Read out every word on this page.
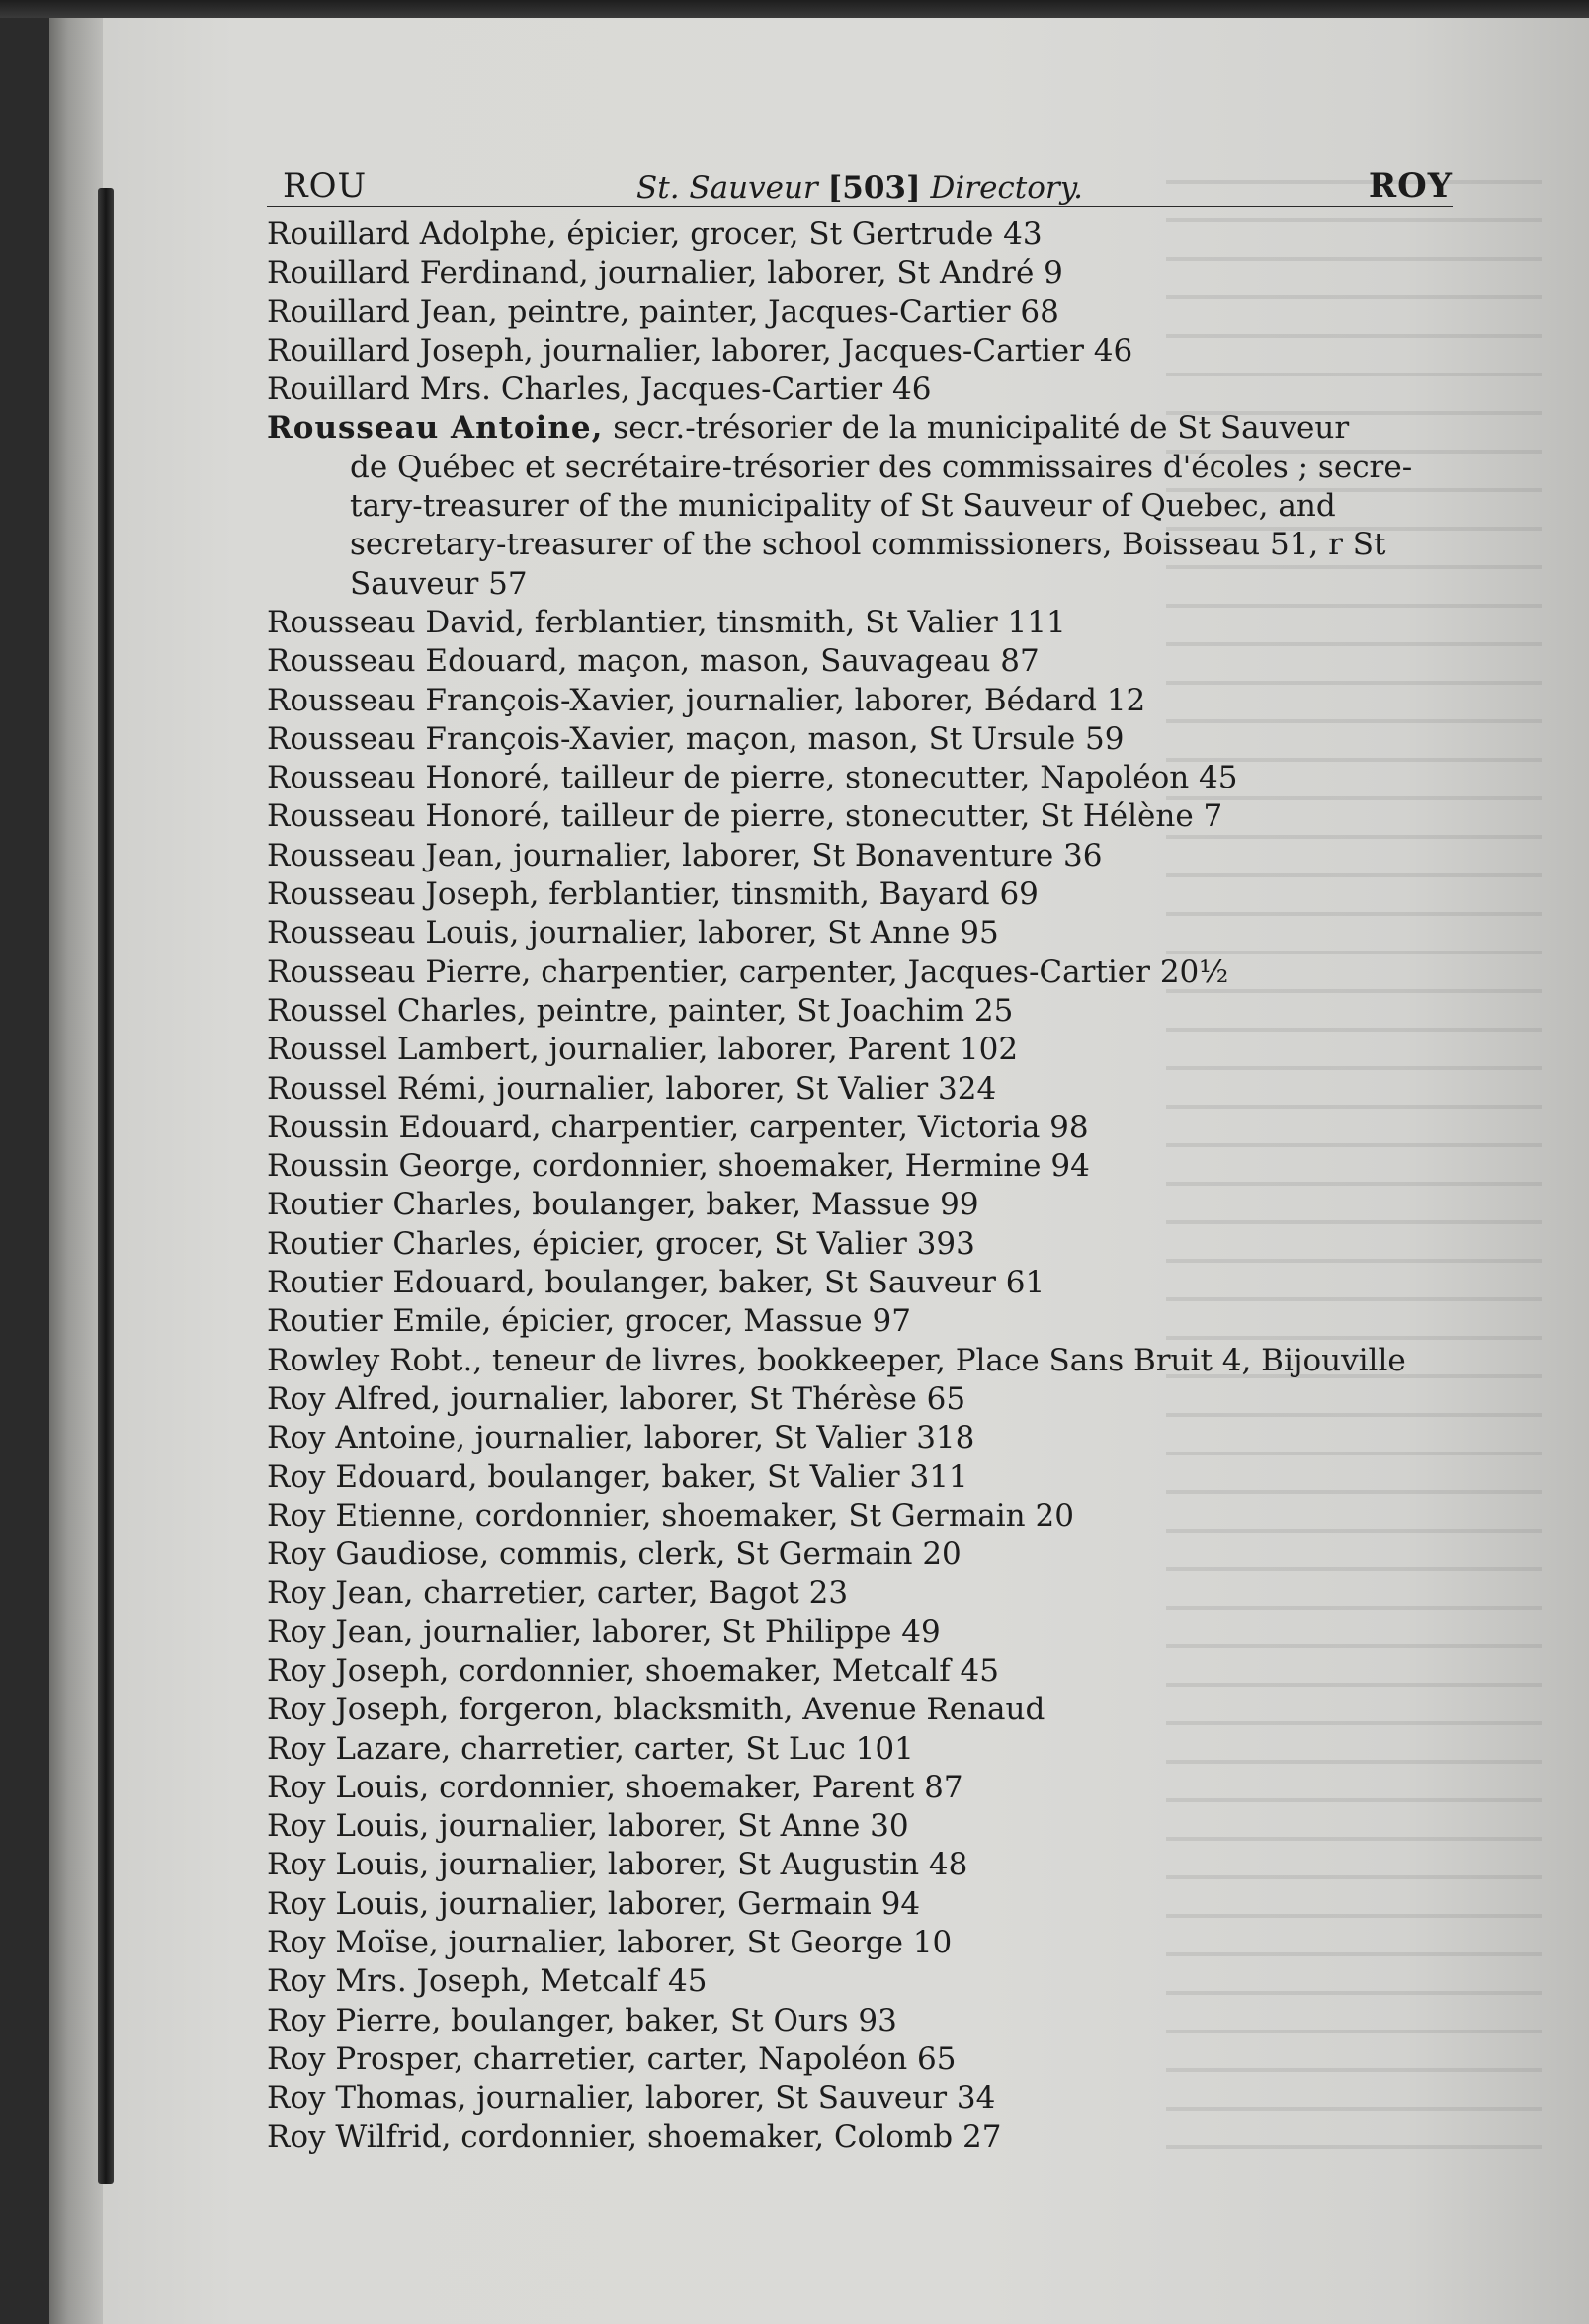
ROU	St. Sauveur [503] Directory.	ROY
Rouillard Adolphe, épicier, grocer, St Gertrude 43
Rouillard Ferdinand, journalier, laborer, St André 9
Rouillard Jean, peintre, painter, Jacques-Cartier 68
Rouillard Joseph, journalier, laborer, Jacques-Cartier 46
Rouillard Mrs. Charles, Jacques-Cartier 46
Rousseau Antoine, secr.-trésorier de la municipalité de St Sauveur
de Québec et secrétaire-trésorier des commissaires d'écoles ; secre-
tary-treasurer of the municipality of St Sauveur of Quebec, and
secretary-treasurer of the school commissioners, Boisseau 51, r St
Sauveur 57
Rousseau David, ferblantier, tinsmith, St Valier 111
Rousseau Edouard, maçon, mason, Sauvageau 87
Rousseau François-Xavier, journalier, laborer, Bédard 12
Rousseau François-Xavier, maçon, mason, St Ursule 59
Rousseau Honoré, tailleur de pierre, stonecutter, Napoléon 45
Rousseau Honoré, tailleur de pierre, stonecutter, St Hélène 7
Rousseau Jean, journalier, laborer, St Bonaventure 36
Rousseau Joseph, ferblantier, tinsmith, Bayard 69
Rousseau Louis, journalier, laborer, St Anne 95
Rousseau Pierre, charpentier, carpenter, Jacques-Cartier 20½
Roussel Charles, peintre, painter, St Joachim 25
Roussel Lambert, journalier, laborer, Parent 102
Roussel Rémi, journalier, laborer, St Valier 324
Roussin Edouard, charpentier, carpenter, Victoria 98
Roussin George, cordonnier, shoemaker, Hermine 94
Routier Charles, boulanger, baker, Massue 99
Routier Charles, épicier, grocer, St Valier 393
Routier Edouard, boulanger, baker, St Sauveur 61
Routier Emile, épicier, grocer, Massue 97
Rowley Robt., teneur de livres, bookkeeper, Place Sans Bruit 4, Bijouville
Roy Alfred, journalier, laborer, St Thérèse 65
Roy Antoine, journalier, laborer, St Valier 318
Roy Edouard, boulanger, baker, St Valier 311
Roy Etienne, cordonnier, shoemaker, St Germain 20
Roy Gaudiose, commis, clerk, St Germain 20
Roy Jean, charretier, carter, Bagot 23
Roy Jean, journalier, laborer, St Philippe 49
Roy Joseph, cordonnier, shoemaker, Metcalf 45
Roy Joseph, forgeron, blacksmith, Avenue Renaud
Roy Lazare, charretier, carter, St Luc 101
Roy Louis, cordonnier, shoemaker, Parent 87
Roy Louis, journalier, laborer, St Anne 30
Roy Louis, journalier, laborer, St Augustin 48
Roy Louis, journalier, laborer, Germain 94
Roy Moïse, journalier, laborer, St George 10
Roy Mrs. Joseph, Metcalf 45
Roy Pierre, boulanger, baker, St Ours 93
Roy Prosper, charretier, carter, Napoléon 65
Roy Thomas, journalier, laborer, St Sauveur 34
Roy Wilfrid, cordonnier, shoemaker, Colomb 27
